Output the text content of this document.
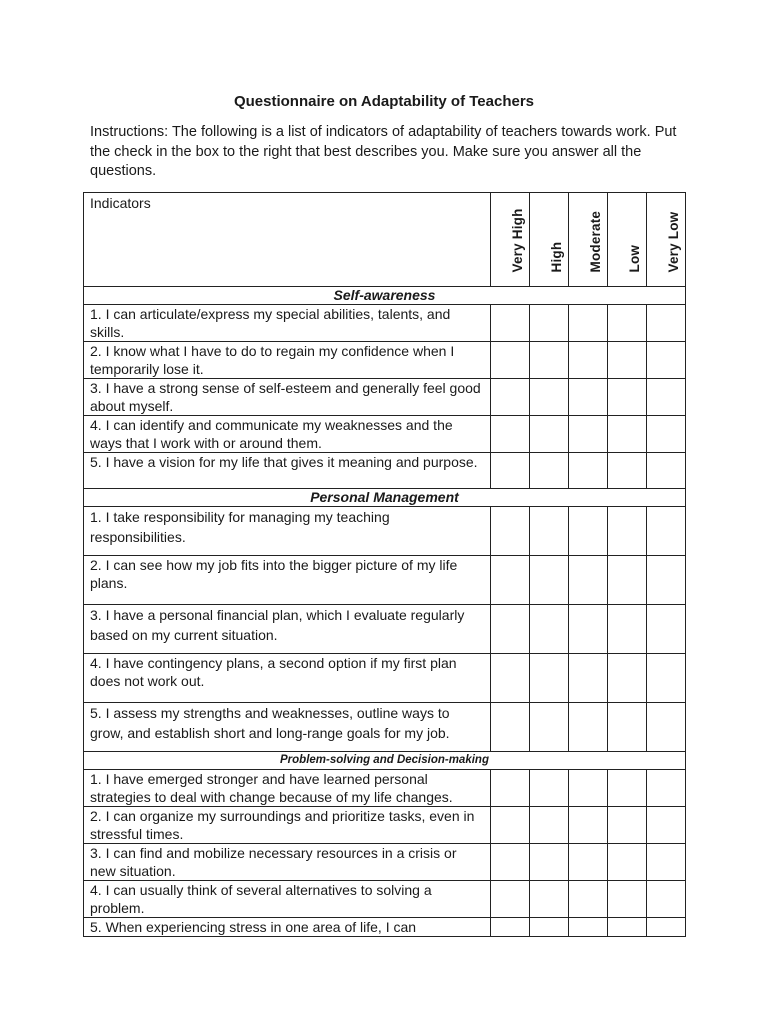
Questionnaire on Adaptability of Teachers
Instructions: The following is a list of indicators of adaptability of teachers towards work. Put the check in the box to the right that best describes you. Make sure you answer all the questions.
Indicators	Very High	High	Moderate	Low	Very Low

Self-awareness					
1. I can articulate/express my special abilities, talents, and skills.					
2. I know what I have to do to regain my confidence when I temporarily lose it.					
3. I have a strong sense of self-esteem and generally feel good about myself.					
4. I can identify and communicate my weaknesses and the ways that I work with or around them.					
5. I have a vision for my life that gives it meaning and purpose.					
Personal Management					
1. I take responsibility for managing my teaching responsibilities.					
2. I can see how my job fits into the bigger picture of my life plans.					
3. I have a personal financial plan, which I evaluate regularly based on my current situation.					
4. I have contingency plans, a second option if my first plan does not work out.					
5. I assess my strengths and weaknesses, outline ways to grow, and establish short and long-range goals for my job.					
Problem-solving and Decision-making					
1. I have emerged stronger and have learned personal strategies to deal with change because of my life changes.					
2. I can organize my surroundings and prioritize tasks, even in stressful times.					
3. I can find and mobilize necessary resources in a crisis or new situation.					
4. I can usually think of several alternatives to solving a problem.					
5. When experiencing stress in one area of life, I can					
